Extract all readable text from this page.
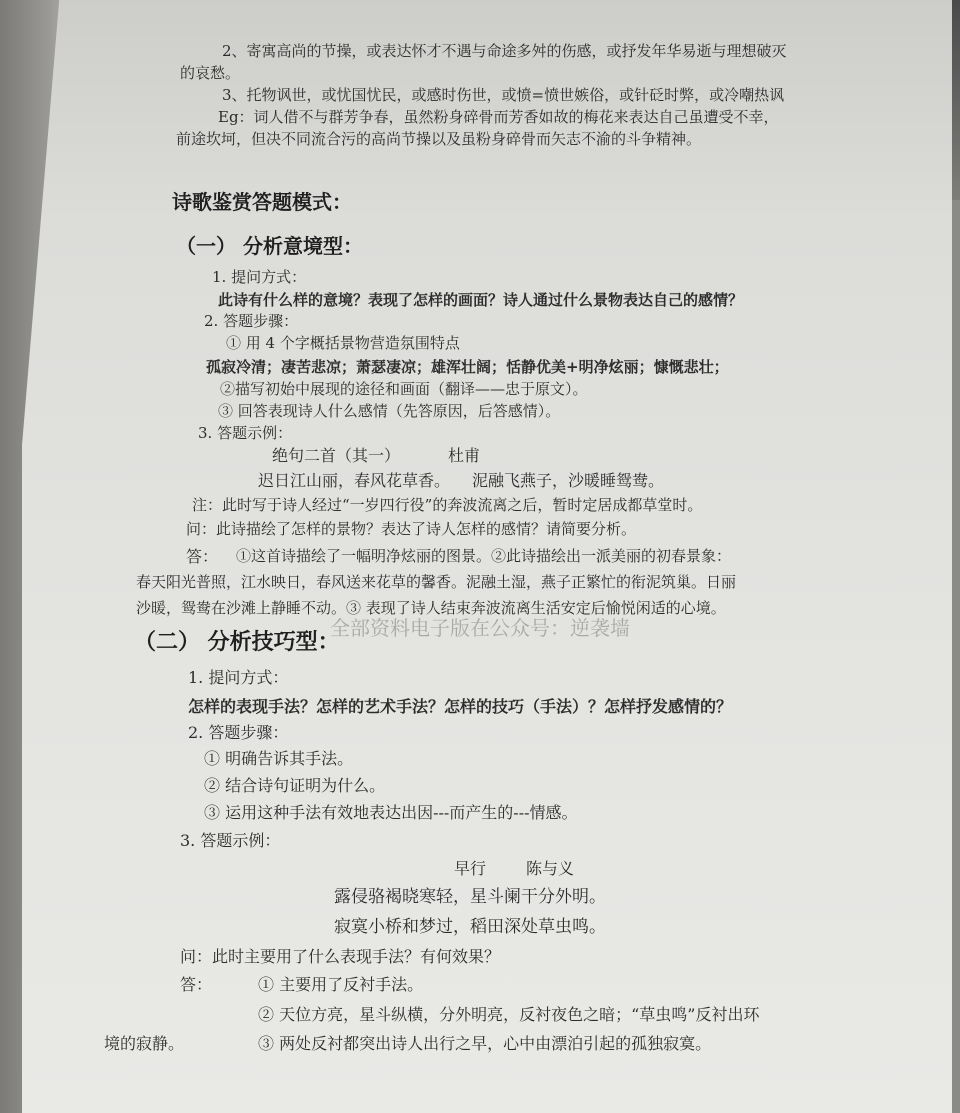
2、寄寓高尚的节操，或表达怀才不遇与命途多舛的伤感，或抒发年华易逝与理想破灭
的哀愁。
3、托物讽世，或忧国忧民，或感时伤世，或愤=愤世嫉俗，或针砭时弊，或冷嘲热讽
Eg：词人借不与群芳争春，虽然粉身碎骨而芳香如故的梅花来表达自己虽遭受不幸，
前途坎坷，但决不同流合污的高尚节操以及虽粉身碎骨而矢志不渝的斗争精神。
诗歌鉴赏答题模式：
（一） 分析意境型：
1. 提问方式：
此诗有什么样的意境？表现了怎样的画面？诗人通过什么景物表达自己的感情？
2. 答题步骤：
① 用 4 个字概括景物营造氛围特点
孤寂冷清；凄苦悲凉；萧瑟凄凉；雄浑壮阔；恬静优美+明净炫丽；慷慨悲壮；
②描写初始中展现的途径和画面（翻译——忠于原文）。
③ 回答表现诗人什么感情（先答原因，后答感情）。
3. 答题示例：
绝句二首（其一）	杜甫
迟日江山丽，春风花草香。 泥融飞燕子，沙暖睡鸳鸯。
注：此时写于诗人经过“一岁四行役”的奔波流离之后，暂时定居成都草堂时。
问：此诗描绘了怎样的景物？表达了诗人怎样的感情？请简要分析。
答： ①这首诗描绘了一幅明净炫丽的图景。②此诗描绘出一派美丽的初春景象：
春天阳光普照，江水映日，春风送来花草的馨香。泥融土湿，燕子正繁忙的衔泥筑巢。日丽
沙暖，鸳鸯在沙滩上静睡不动。③ 表现了诗人结束奔波流离生活安定后愉悦闲适的心境。
全部资料电子版在公众号：逆袭墙
（二） 分析技巧型：
1. 提问方式：
怎样的表现手法？怎样的艺术手法？怎样的技巧（手法）？怎样抒发感情的？
2. 答题步骤：
① 明确告诉其手法。
② 结合诗句证明为什么。
③ 运用这种手法有效地表达出因---而产生的---情感。
3. 答题示例：
早行 陈与义
露侵骆褐晓寒轻，星斗阑干分外明。
寂寞小桥和梦过，稻田深处草虫鸣。
问：此时主要用了什么表现手法？有何效果？
答：	① 主要用了反衬手法。
② 天位方亮，星斗纵横，分外明亮，反衬夜色之暗；“草虫鸣”反衬出环
境的寂静。	③ 两处反衬都突出诗人出行之早，心中由漂泊引起的孤独寂寞。
